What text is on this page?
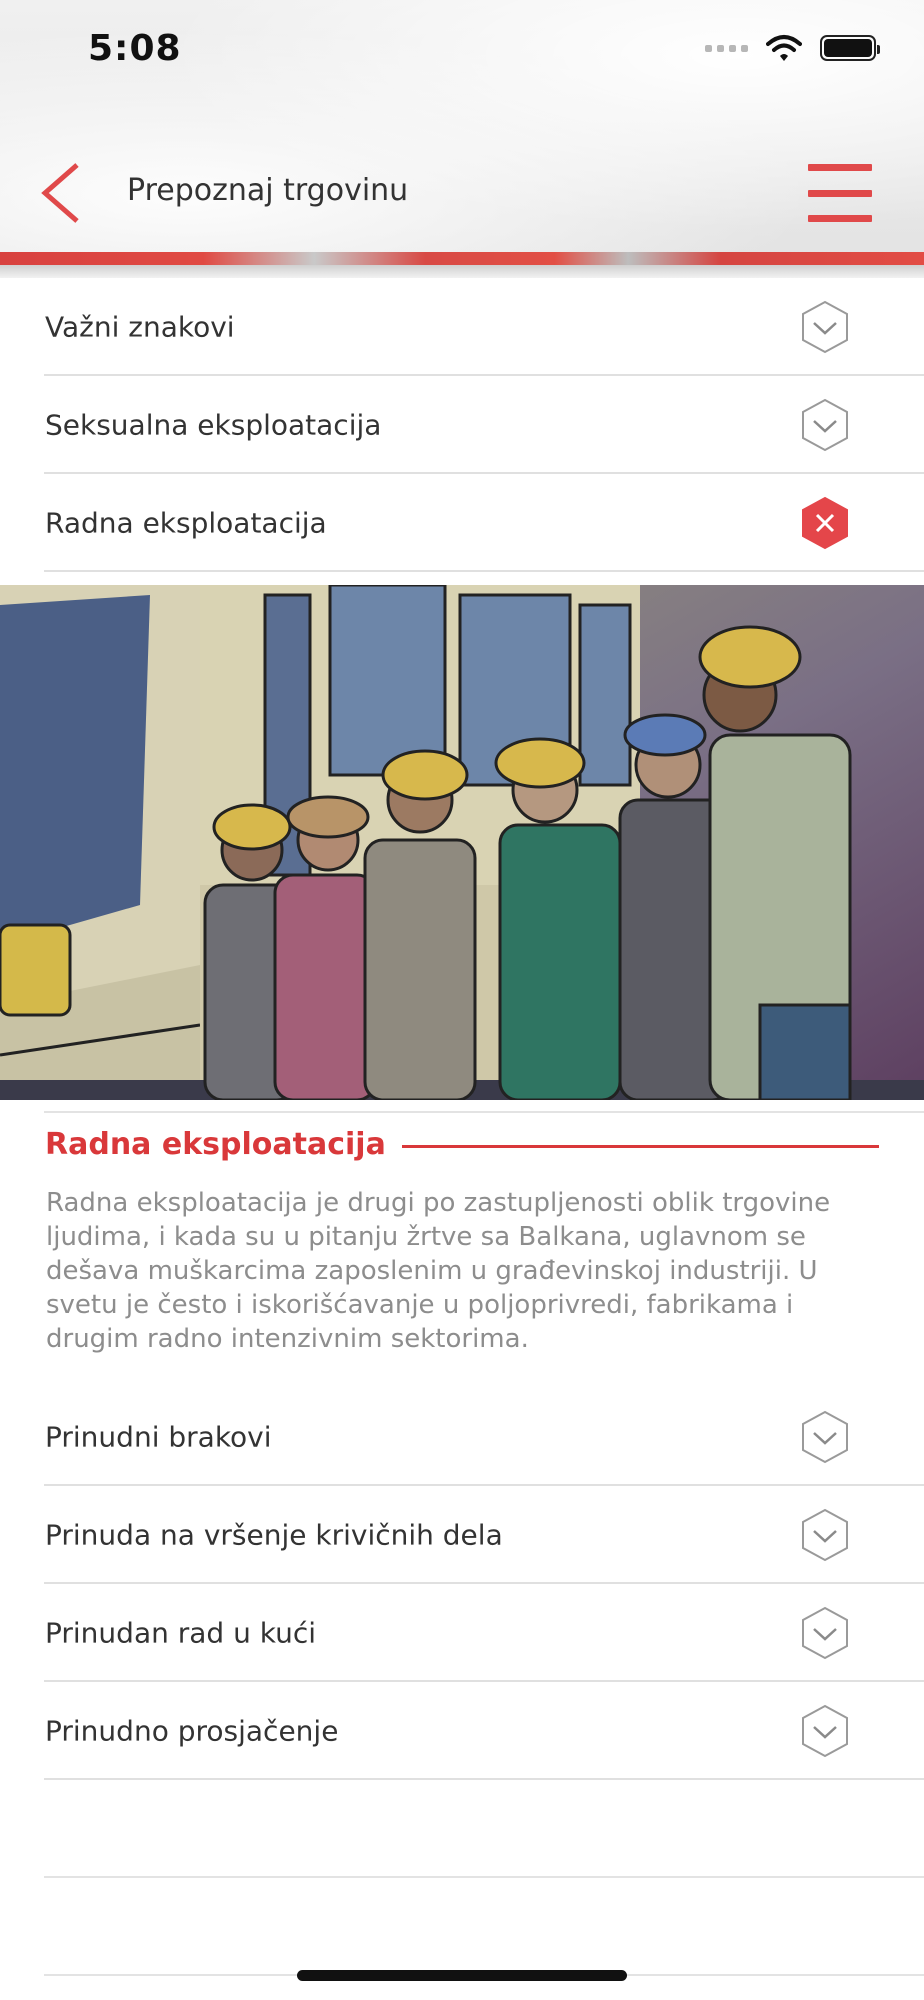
5:08
Prepoznaj trgovinu
Važni znakovi
Seksualna eksploatacija
Radna eksploatacija
Radna eksploatacija
Radna eksploatacija je drugi po zastupljenosti oblik trgovine ljudima, i kada su u pitanju žrtve sa Balkana, uglavnom se dešava muškarcima zaposlenim u građevinskoj industriji. U svetu je često i iskorišćavanje u poljoprivredi, fabrikama i drugim radno intenzivnim sektorima.
Prinudni brakovi
Prinuda na vršenje krivičnih dela
Prinudan rad u kući
Prinudno prosjačenje
